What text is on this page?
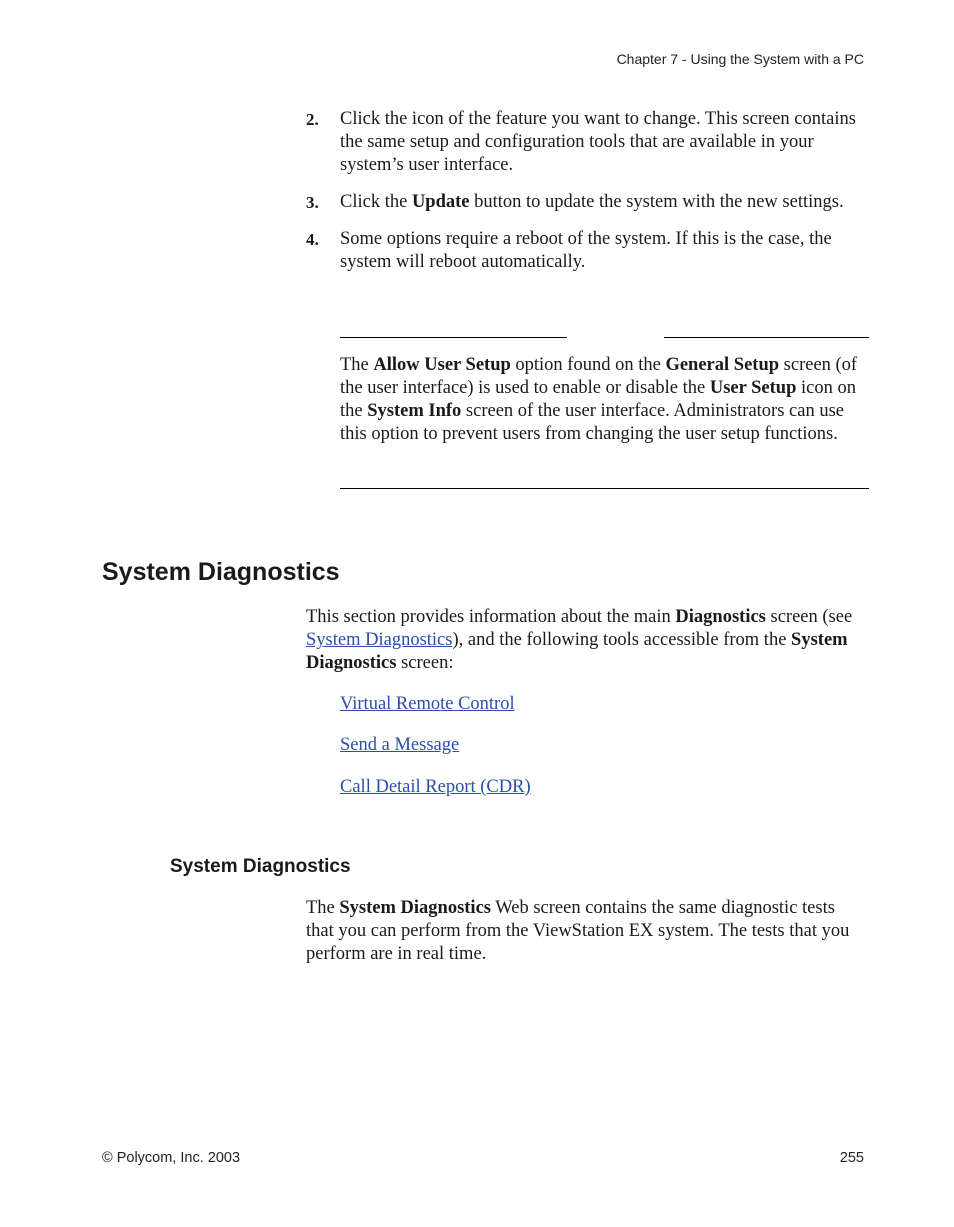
Chapter 7 - Using the System with a PC
2.	Click the icon of the feature you want to change. This screen contains the same setup and configuration tools that are available in your system’s user interface.
3.	Click the Update button to update the system with the new settings.
4.	Some options require a reboot of the system. If this is the case, the system will reboot automatically.
The Allow User Setup option found on the General Setup screen (of the user interface) is used to enable or disable the User Setup icon on the System Info screen of the user interface. Administrators can use this option to prevent users from changing the user setup functions.
System Diagnostics
This section provides information about the main Diagnostics screen (see System Diagnostics), and the following tools accessible from the System Diagnostics screen:
Virtual Remote Control
Send a Message
Call Detail Report (CDR)
System Diagnostics
The System Diagnostics Web screen contains the same diagnostic tests that you can perform from the ViewStation EX system. The tests that you perform are in real time.
© Polycom, Inc. 2003	255
